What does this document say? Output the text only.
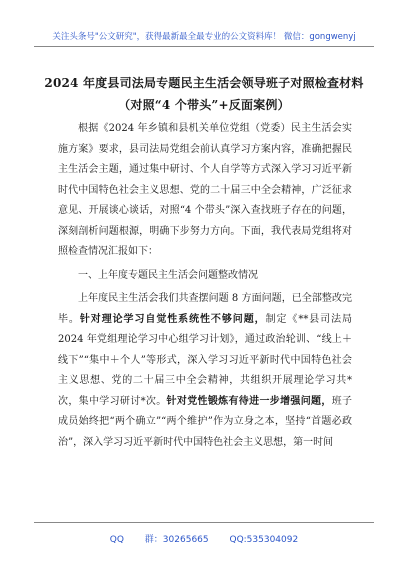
关注头条号"公文研究"，获得最新最全最专业的公文资料库！ 微信：gongwenyj
2024 年度县司法局专题民主生活会领导班子对照检查材料
（对照“4 个带头”+反面案例）

根据《2024 年乡镇和县机关单位党组（党委）民主生活会实施方案》要求，县司法局党组会前认真学习方案内容，准确把握民主生活会主题，通过集中研讨、个人自学等方式深入学习习近平新时代中国特色社会主义思想、党的二十届三中全会精神，广泛征求意见、开展谈心谈话，对照“4 个带头”深入查找班子存在的问题，深刻剖析问题根源，明确下步努力方向。下面，我代表局党组将对照检查情况汇报如下：

一、上年度专题民主生活会问题整改情况

上年度民主生活会我们共查摆问题 8 方面问题，已全部整改完毕。针对理论学习自觉性系统性不够问题，制定《**县司法局 2024 年党组理论学习中心组学习计划》，通过政治轮训、“线上＋线下”“集中＋个人”等形式，深入学习习近平新时代中国特色社会主义思想、党的二十届三中全会精神，共组织开展理论学习共*次，集中学习研讨*次。针对党性锻炼有待进一步增强问题，班子成员始终把“两个确立”“两个维护”作为立身之本，坚持“首题必政治”，深入学习习近平新时代中国特色社会主义思想，第一时间

QQ 群：30265665 QQ:535304092
